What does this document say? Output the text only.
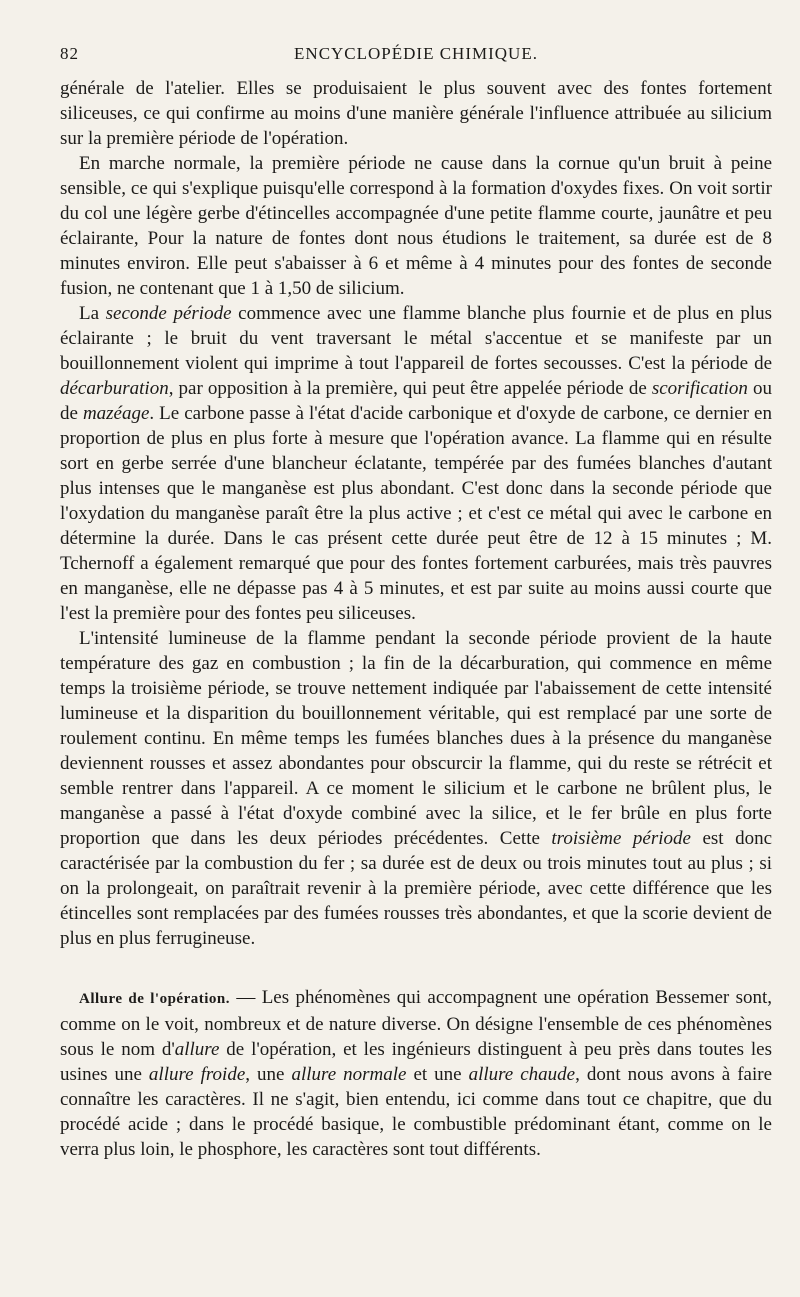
82	ENCYCLOPÉDIE CHIMIQUE.

générale de l'atelier. Elles se produisaient le plus souvent avec des fontes fortement siliceuses, ce qui confirme au moins d'une manière générale l'influence attribuée au silicium sur la première période de l'opération.

En marche normale, la première période ne cause dans la cornue qu'un bruit à peine sensible, ce qui s'explique puisqu'elle correspond à la formation d'oxydes fixes. On voit sortir du col une légère gerbe d'étincelles accompagnée d'une petite flamme courte, jaunâtre et peu éclairante, Pour la nature de fontes dont nous étudions le traitement, sa durée est de 8 minutes environ. Elle peut s'abaisser à 6 et même à 4 minutes pour des fontes de seconde fusion, ne contenant que 1 à 1,50 de silicium.

La seconde période commence avec une flamme blanche plus fournie et de plus en plus éclairante ; le bruit du vent traversant le métal s'accentue et se manifeste par un bouillonnement violent qui imprime à tout l'appareil de fortes secousses. C'est la période de décarburation, par opposition à la première, qui peut être appelée période de scorification ou de mazéage. Le carbone passe à l'état d'acide carbonique et d'oxyde de carbone, ce dernier en proportion de plus en plus forte à mesure que l'opération avance. La flamme qui en résulte sort en gerbe serrée d'une blancheur éclatante, tempérée par des fumées blanches d'autant plus intenses que le manganèse est plus abondant. C'est donc dans la seconde période que l'oxydation du manganèse paraît être la plus active ; et c'est ce métal qui avec le carbone en détermine la durée. Dans le cas présent cette durée peut être de 12 à 15 minutes ; M. Tchernoff a également remarqué que pour des fontes fortement carburées, mais très pauvres en manganèse, elle ne dépasse pas 4 à 5 minutes, et est par suite au moins aussi courte que l'est la première pour des fontes peu siliceuses.

L'intensité lumineuse de la flamme pendant la seconde période provient de la haute température des gaz en combustion ; la fin de la décarburation, qui commence en même temps la troisième période, se trouve nettement indiquée par l'abaissement de cette intensité lumineuse et la disparition du bouillonnement véritable, qui est remplacé par une sorte de roulement continu. En même temps les fumées blanches dues à la présence du manganèse deviennent rousses et assez abondantes pour obscurcir la flamme, qui du reste se rétrécit et semble rentrer dans l'appareil. A ce moment le silicium et le carbone ne brûlent plus, le manganèse a passé à l'état d'oxyde combiné avec la silice, et le fer brûle en plus forte proportion que dans les deux périodes précédentes. Cette troisième période est donc caractérisée par la combustion du fer ; sa durée est de deux ou trois minutes tout au plus ; si on la prolongeait, on paraîtrait revenir à la première période, avec cette différence que les étincelles sont remplacées par des fumées rousses très abondantes, et que la scorie devient de plus en plus ferrugineuse.

Allure de l'opération. — Les phénomènes qui accompagnent une opération Bessemer sont, comme on le voit, nombreux et de nature diverse. On désigne l'ensemble de ces phénomènes sous le nom d'allure de l'opération, et les ingénieurs distinguent à peu près dans toutes les usines une allure froide, une allure normale et une allure chaude, dont nous avons à faire connaître les caractères. Il ne s'agit, bien entendu, ici comme dans tout ce chapitre, que du procédé acide ; dans le procédé basique, le combustible prédominant étant, comme on le verra plus loin, le phosphore, les caractères sont tout différents.
